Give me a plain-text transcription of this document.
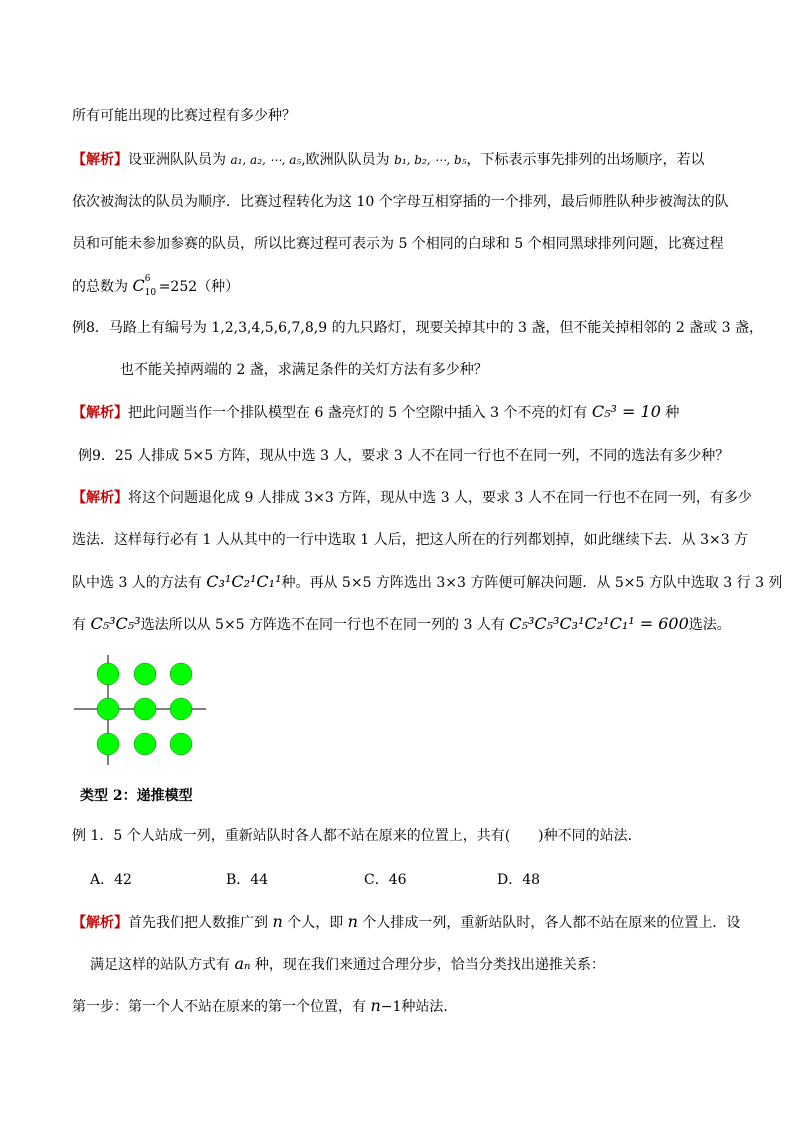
所有可能出现的比赛过程有多少种？
【解析】设亚洲队队员为 a₁, a₂, ⋯, a₅,欧洲队队员为 b₁, b₂, ⋯, b₅，下标表示事先排列的出场顺序，若以
依次被淘汰的队员为顺序．比赛过程转化为这 10 个字母互相穿插的一个排列，最后师胜队种步被淘汰的队
员和可能未参加参赛的队员，所以比赛过程可表示为 5 个相同的白球和 5 个相同黑球排列问题，比赛过程
的总数为 C 6
10 =252（种）
例8．马路上有编号为 1,2,3,4,5,6,7,8,9 的九只路灯，现要关掉其中的 3 盏，但不能关掉相邻的 2 盏或 3 盏，
也不能关掉两端的 2 盏，求满足条件的关灯方法有多少种？
【解析】把此问题当作一个排队模型在 6 盏亮灯的 5 个空隙中插入 3 个不亮的灯有 C₅³ = 10 种
例9．25 人排成 5×5 方阵，现从中选 3 人，要求 3 人不在同一行也不在同一列，不同的选法有多少种？
【解析】将这个问题退化成 9 人排成 3×3 方阵，现从中选 3 人，要求 3 人不在同一行也不在同一列，有多少
选法．这样每行必有 1 人从其中的一行中选取 1 人后，把这人所在的行列都划掉，如此继续下去．从 3×3 方
队中选 3 人的方法有 C₃¹C₂¹C₁¹种。再从 5×5 方阵选出 3×3 方阵便可解决问题．从 5×5 方队中选取 3 行 3 列
有 C₅³C₅³选法所以从 5×5 方阵选不在同一行也不在同一列的 3 人有 C₅³C₅³C₃¹C₂¹C₁¹ = 600选法。
类型 2：递推模型
例 1．5 个人站成一列，重新站队时各人都不站在原来的位置上，共有(　　)种不同的站法．
A．42	B．44	C．46	D．48
【解析】首先我们把人数推广到 n 个人，即 n 个人排成一列，重新站队时，各人都不站在原来的位置上．设
满足这样的站队方式有 aₙ 种，现在我们来通过合理分步，恰当分类找出递推关系：
第一步：第一个人不站在原来的第一个位置，有 n−1种站法．
